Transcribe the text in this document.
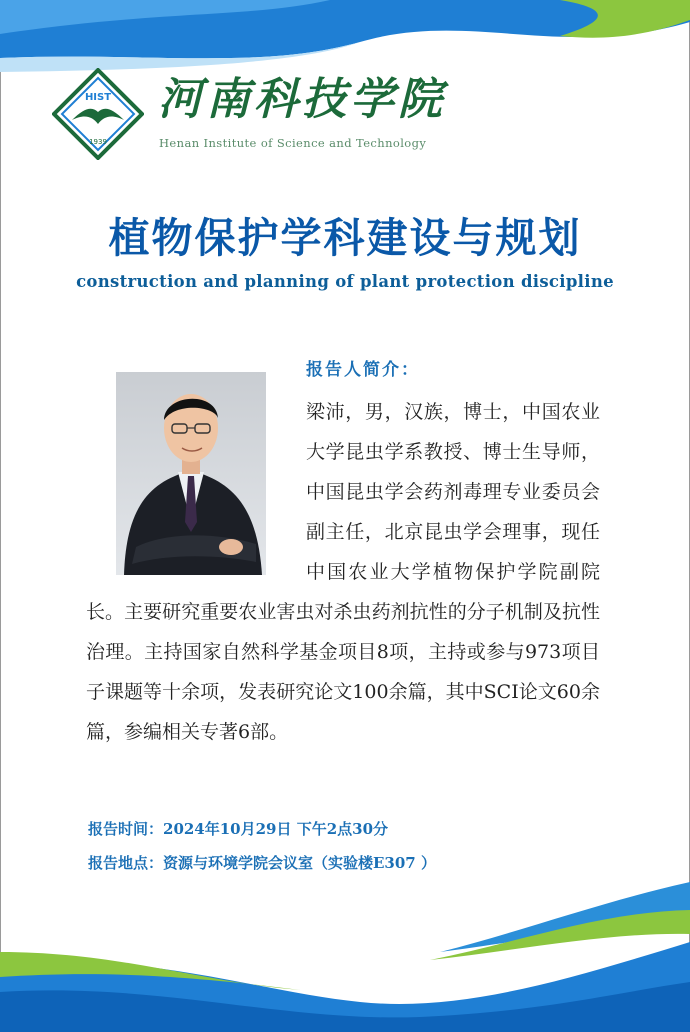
HIST
1939
河南科技学院
Henan Institute of Science and Technology
植物保护学科建设与规划
construction and planning of plant protection discipline
报告人简介：
梁沛，男，汉族，博士，中国农业大学昆虫学系教授、博士生导师，中国昆虫学会药剂毒理专业委员会副主任，北京昆虫学会理事，现任中国农业大学植物保护学院副院长。主要研究重要农业害虫对杀虫药剂抗性的分子机制及抗性治理。主持国家自然科学基金项目8项，主持或参与973项目子课题等十余项，发表研究论文100余篇，其中SCI论文60余篇，参编相关专著6部。
报告时间：2024年10月29日 下午2点30分
报告地点：资源与环境学院会议室（实验楼E307 ）
